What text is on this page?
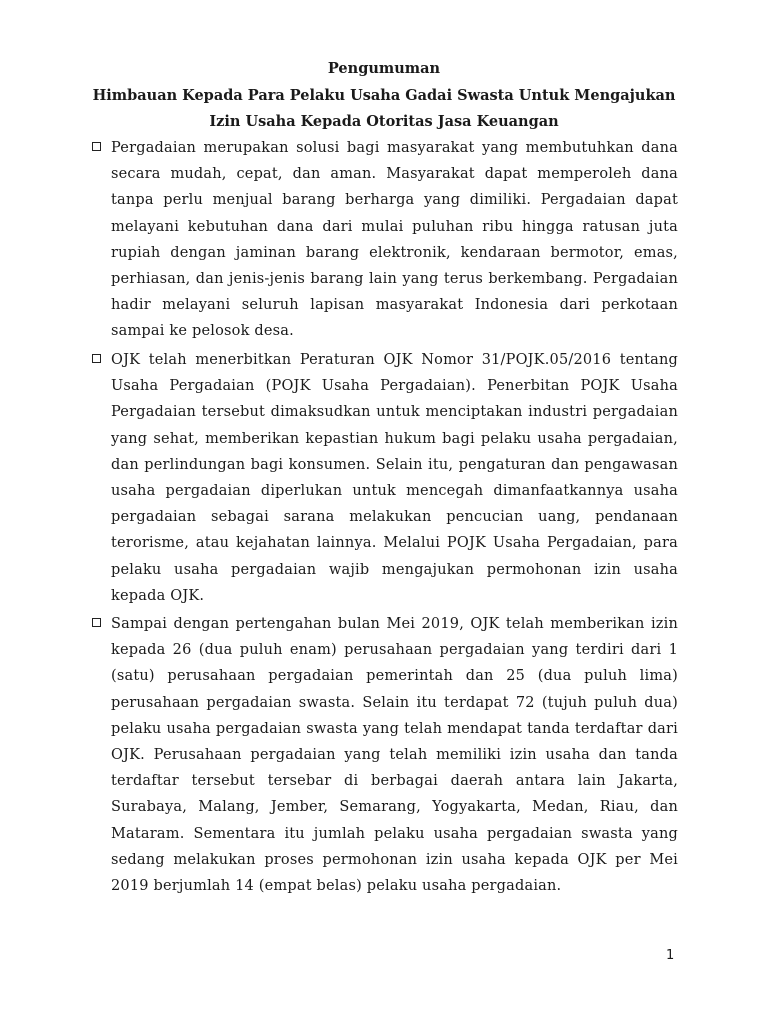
Pengumuman
Himbauan Kepada Para Pelaku Usaha Gadai Swasta Untuk Mengajukan
Izin Usaha Kepada Otoritas Jasa Keuangan
Pergadaian merupakan solusi bagi masyarakat yang membutuhkan dana secara mudah, cepat, dan aman. Masyarakat dapat memperoleh dana tanpa perlu menjual barang berharga yang dimiliki. Pergadaian dapat melayani kebutuhan dana dari mulai puluhan ribu hingga ratusan juta rupiah dengan jaminan barang elektronik, kendaraan bermotor, emas, perhiasan, dan jenis-jenis barang lain yang terus berkembang. Pergadaian hadir melayani seluruh lapisan masyarakat Indonesia dari perkotaan sampai ke pelosok desa.
OJK telah menerbitkan Peraturan OJK Nomor 31/POJK.05/2016 tentang Usaha Pergadaian (POJK Usaha Pergadaian). Penerbitan POJK Usaha Pergadaian tersebut dimaksudkan untuk menciptakan industri pergadaian yang sehat, memberikan kepastian hukum bagi pelaku usaha pergadaian, dan perlindungan bagi konsumen. Selain itu, pengaturan dan pengawasan usaha pergadaian diperlukan untuk mencegah dimanfaatkannya usaha pergadaian sebagai sarana melakukan pencucian uang, pendanaan terorisme, atau kejahatan lainnya. Melalui POJK Usaha Pergadaian, para pelaku usaha pergadaian wajib mengajukan permohonan izin usaha kepada OJK.
Sampai dengan pertengahan bulan Mei 2019, OJK telah memberikan izin kepada 26 (dua puluh enam) perusahaan pergadaian yang terdiri dari 1 (satu) perusahaan pergadaian pemerintah dan 25 (dua puluh lima) perusahaan pergadaian swasta. Selain itu terdapat 72 (tujuh puluh dua) pelaku usaha pergadaian swasta yang telah mendapat tanda terdaftar dari OJK. Perusahaan pergadaian yang telah memiliki izin usaha dan tanda terdaftar tersebut tersebar di berbagai daerah antara lain Jakarta, Surabaya, Malang, Jember, Semarang, Yogyakarta, Medan, Riau, dan Mataram. Sementara itu jumlah pelaku usaha pergadaian swasta yang sedang melakukan proses permohonan izin usaha kepada OJK per Mei 2019 berjumlah 14 (empat belas) pelaku usaha pergadaian.
1
